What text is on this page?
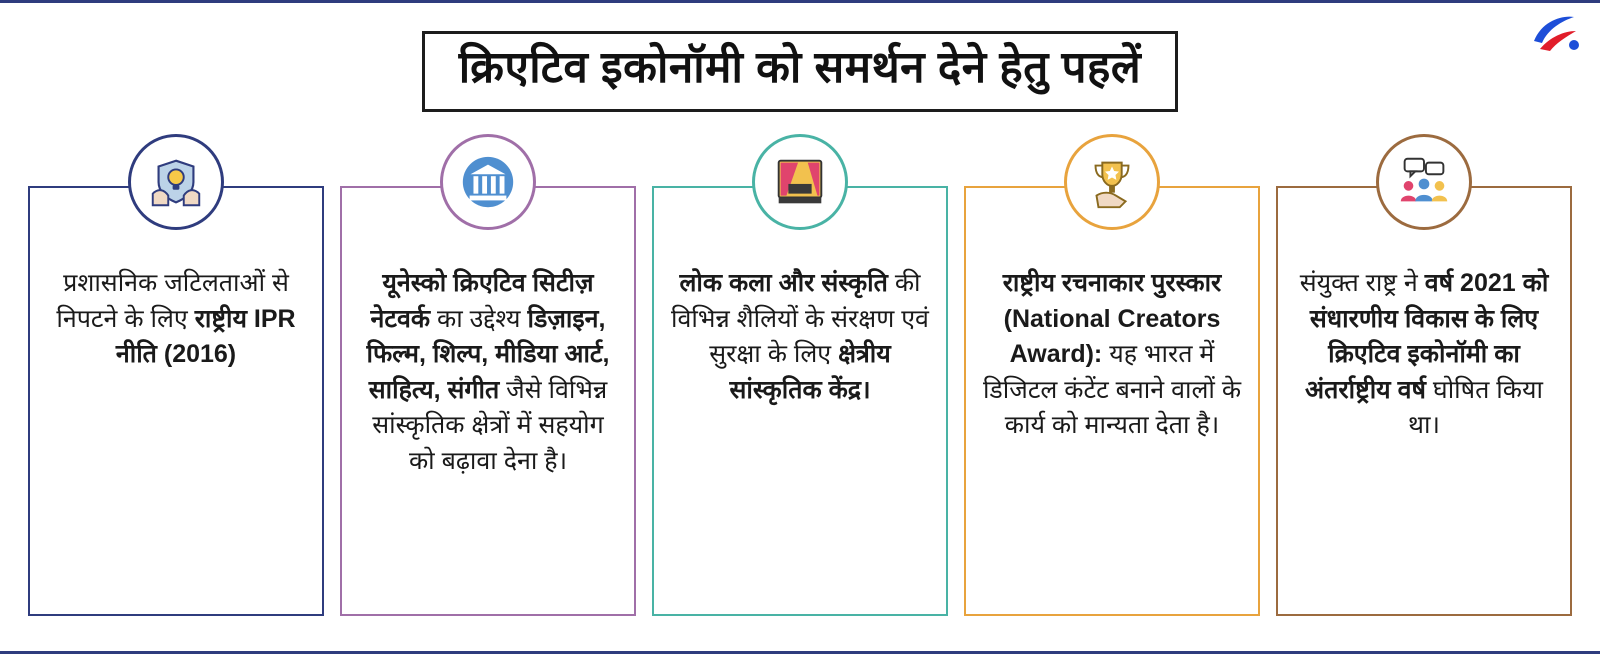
क्रिएटिव इकोनॉमी को समर्थन देने हेतु पहलें
प्रशासनिक जटिलताओं से निपटने के लिए राष्ट्रीय IPR नीति (2016)
यूनेस्को क्रिएटिव सिटीज़ नेटवर्क का उद्देश्य डिज़ाइन, फिल्म, शिल्प, मीडिया आर्ट, साहित्य, संगीत जैसे विभिन्न सांस्कृतिक क्षेत्रों में सहयोग को बढ़ावा देना है।
लोक कला और संस्कृति की विभिन्न शैलियों के संरक्षण एवं सुरक्षा के लिए क्षेत्रीय सांस्कृतिक केंद्र।
राष्ट्रीय रचनाकार पुरस्कार (National Creators Award): यह भारत में डिजिटल कंटेंट बनाने वालों के कार्य को मान्यता देता है।
संयुक्त राष्ट्र ने वर्ष 2021 को संधारणीय विकास के लिए क्रिएटिव इकोनॉमी का अंतर्राष्ट्रीय वर्ष घोषित किया था।
